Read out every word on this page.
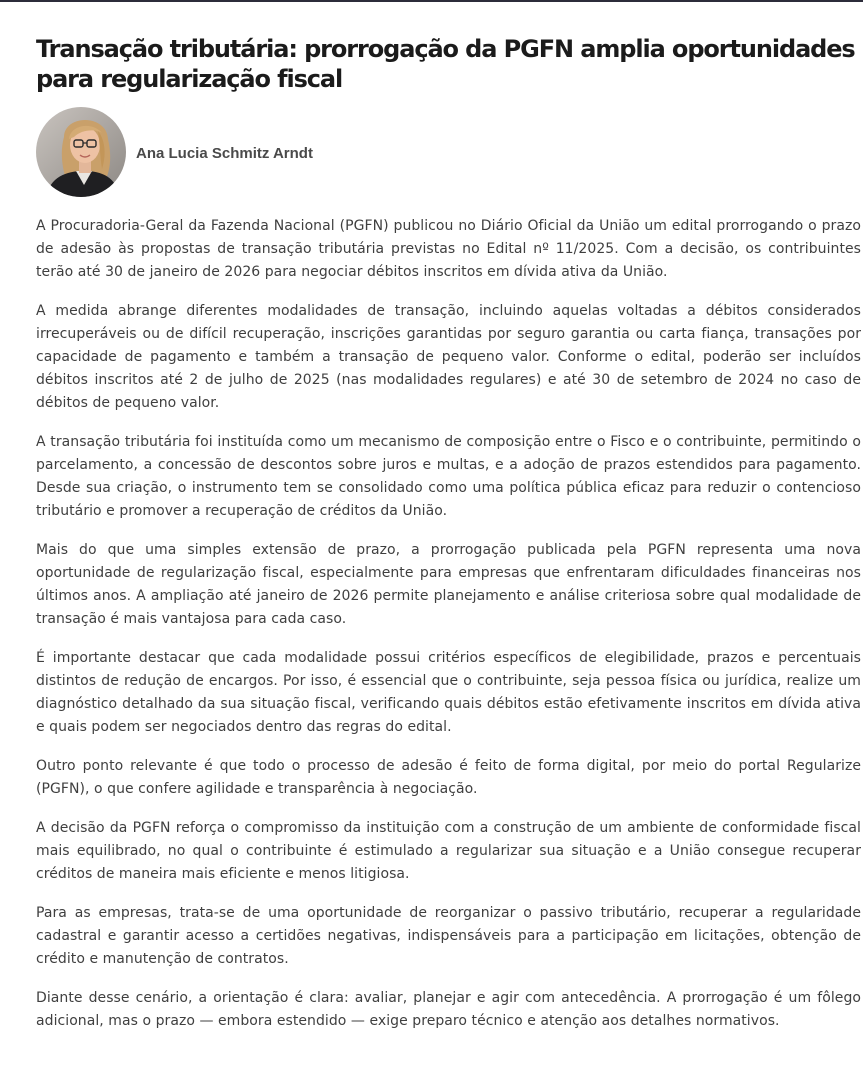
Transação tributária: prorrogação da PGFN amplia oportunidades para regularização fiscal
Ana Lucia Schmitz Arndt

A Procuradoria-Geral da Fazenda Nacional (PGFN) publicou no Diário Oficial da União um edital prorrogando o prazo de adesão às propostas de transação tributária previstas no Edital nº 11/2025. Com a decisão, os contribuintes terão até 30 de janeiro de 2026 para negociar débitos inscritos em dívida ativa da União.

A medida abrange diferentes modalidades de transação, incluindo aquelas voltadas a débitos considerados irrecuperáveis ou de difícil recuperação, inscrições garantidas por seguro garantia ou carta fiança, transações por capacidade de pagamento e também a transação de pequeno valor. Conforme o edital, poderão ser incluídos débitos inscritos até 2 de julho de 2025 (nas modalidades regulares) e até 30 de setembro de 2024 no caso de débitos de pequeno valor.

A transação tributária foi instituída como um mecanismo de composição entre o Fisco e o contribuinte, permitindo o parcelamento, a concessão de descontos sobre juros e multas, e a adoção de prazos estendidos para pagamento. Desde sua criação, o instrumento tem se consolidado como uma política pública eficaz para reduzir o contencioso tributário e promover a recuperação de créditos da União.

Mais do que uma simples extensão de prazo, a prorrogação publicada pela PGFN representa uma nova oportunidade de regularização fiscal, especialmente para empresas que enfrentaram dificuldades financeiras nos últimos anos. A ampliação até janeiro de 2026 permite planejamento e análise criteriosa sobre qual modalidade de transação é mais vantajosa para cada caso.

É importante destacar que cada modalidade possui critérios específicos de elegibilidade, prazos e percentuais distintos de redução de encargos. Por isso, é essencial que o contribuinte, seja pessoa física ou jurídica, realize um diagnóstico detalhado da sua situação fiscal, verificando quais débitos estão efetivamente inscritos em dívida ativa e quais podem ser negociados dentro das regras do edital.

Outro ponto relevante é que todo o processo de adesão é feito de forma digital, por meio do portal Regularize (PGFN), o que confere agilidade e transparência à negociação.

A decisão da PGFN reforça o compromisso da instituição com a construção de um ambiente de conformidade fiscal mais equilibrado, no qual o contribuinte é estimulado a regularizar sua situação e a União consegue recuperar créditos de maneira mais eficiente e menos litigiosa.

Para as empresas, trata-se de uma oportunidade de reorganizar o passivo tributário, recuperar a regularidade cadastral e garantir acesso a certidões negativas, indispensáveis para a participação em licitações, obtenção de crédito e manutenção de contratos.

Diante desse cenário, a orientação é clara: avaliar, planejar e agir com antecedência. A prorrogação é um fôlego adicional, mas o prazo — embora estendido — exige preparo técnico e atenção aos detalhes normativos.
